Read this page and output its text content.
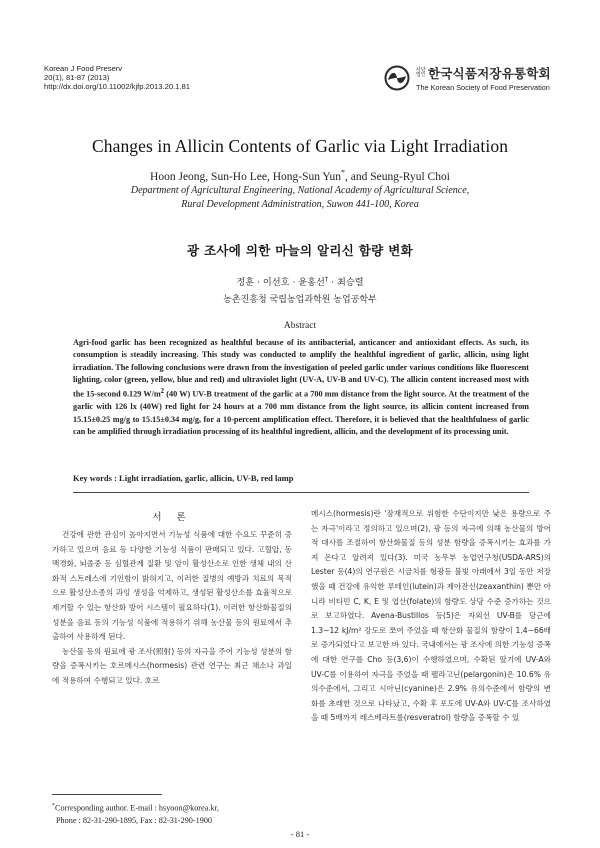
Korean J Food Preserv
20(1), 81-87 (2013)
http://dx.doi.org/10.11002/kjfp.2013.20.1.81
사단 법인 한국식품저장유통학회
The Korean Society of Food Preservation
Changes in Allicin Contents of Garlic via Light Irradiation
Hoon Jeong, Sun-Ho Lee, Hong-Sun Yun*, and Seung-Ryul Choi
Department of Agricultural Engineering, National Academy of Agricultural Science,
Rural Development Administration, Suwon 441-100, Korea
광 조사에 의한 마늘의 알리신 함량 변화
정훈 · 이선호 · 윤홍선† · 최승렬
농촌진흥청 국립농업과학원 농업공학부
Abstract
Agri-food garlic has been recognized as healthful because of its antibacterial, anticancer and antioxidant effects. As such, its consumption is steadily increasing. This study was conducted to amplify the healthful ingredient of garlic, allicin, using light irradiation. The following conclusions were drawn from the investigation of peeled garlic under various conditions like fluorescent lighting, color (green, yellow, blue and red) and ultraviolet light (UV-A, UV-B and UV-C). The allicin content increased most with the 15-second 0.129 $W/m^2$ (40 W) UV-B treatment of the garlic at a 700 mm distance from the light source. At the treatment of the garlic with 126 lx (40W) red light for 24 hours at a 700 mm distance from the light source, its allicin content increased from 15.15±0.25 mg/g to 15.15±0.34 mg/g, for a 10-percent amplification effect. Therefore, it is believed that the healthfulness of garlic can be amplified through irradiation processing of its healthful ingredient, allicin, and the development of its processing unit.
Key words : Light irradiation, garlic, allicin, UV-B, red lamp
서 론

건강에 관한 관심이 높아지면서 기능성 식품에 대한 수요도 꾸준히 증가하고 있으며 음료 등 다양한 기능성 식품이 판매되고 있다. 고혈압, 동맥경화, 뇌졸중 등 심혈관계 질환 및 암이 활성산소로 인한 생체 내의 산화적 스트레스에 기인함이 밝혀지고, 이러한 질병의 예방과 치료의 목적으로 활성산소종의 과잉 생성을 억제하고, 생성된 활성산소를 효율적으로 제거할 수 있는 항산화 방어 시스템이 필요하다(1). 이러한 항산화물질의 성분을 음료 등의 기능성 식품에 적용하기 위해 농산물 등의 원료에서 추출하여 사용하게 된다.

농산물 등의 원료에 광 조사(照射) 등의 자극을 주어 기능성 성분의 함량을 증폭시키는 호르메시스(hormesis) 관련 연구는 최근 채소나 과일에 적용하여 수행되고 있다. 호르

메시스(hormesis)란 '잠재적으로 위험한 수단이지만 낮은 용량으로 주는 자극'이라고 정의하고 있으며(2), 광 등의 자극에 의해 농산물의 방어적 대사를 조절하여 항산화물질 등의 성분 함량을 증폭시키는 효과를 가져 온다고 알려져 있다(3). 미국 농무부 농업연구청(USDA-ARS)의 Lester 등(4)의 연구원은 시금치를 형광등 불빛 아래에서 3일 동안 저장했을 때 건강에 유익한 루테인(lutein)과 제아잔신(zeaxanthin) 뿐만 아니라 비타민 C, K, E 및 엽산(folate)의 함량도 상당 수준 증가하는 것으로 보고하였다. Avena-Bustillos 등(5)은 자외선 UV-B를 당근에 1.3~12 kJ/m² 강도로 쪼여 주었을 때 항산화 물질의 함량이 1.4~66배로 증가되었다고 보고한 바 있다. 국내에서는 광 조사에 의한 기능성 증폭에 대한 연구를 Cho 등(3,6)이 수행하였으며, 수확된 딸기에 UV-A와 UV-C를 이용하여 자극을 주었을 때 펠라고닌(pelargonin)은 10.6% 유의수준에서, 그리고 시아닌(cyanine)은 2.9% 유의수준에서 함량의 변화를 초래한 것으로 나타났고, 수확 후 포도에 UV-A와 UV-C를 조사하였을 때 5배까지 레스베라트롤(resveratrol) 함량을 증폭할 수 있

*Corresponding author. E-mail : hsyoon@korea.kr,
Phone : 82-31-290-1895, Fax : 82-31-290-1900
- 81 -
